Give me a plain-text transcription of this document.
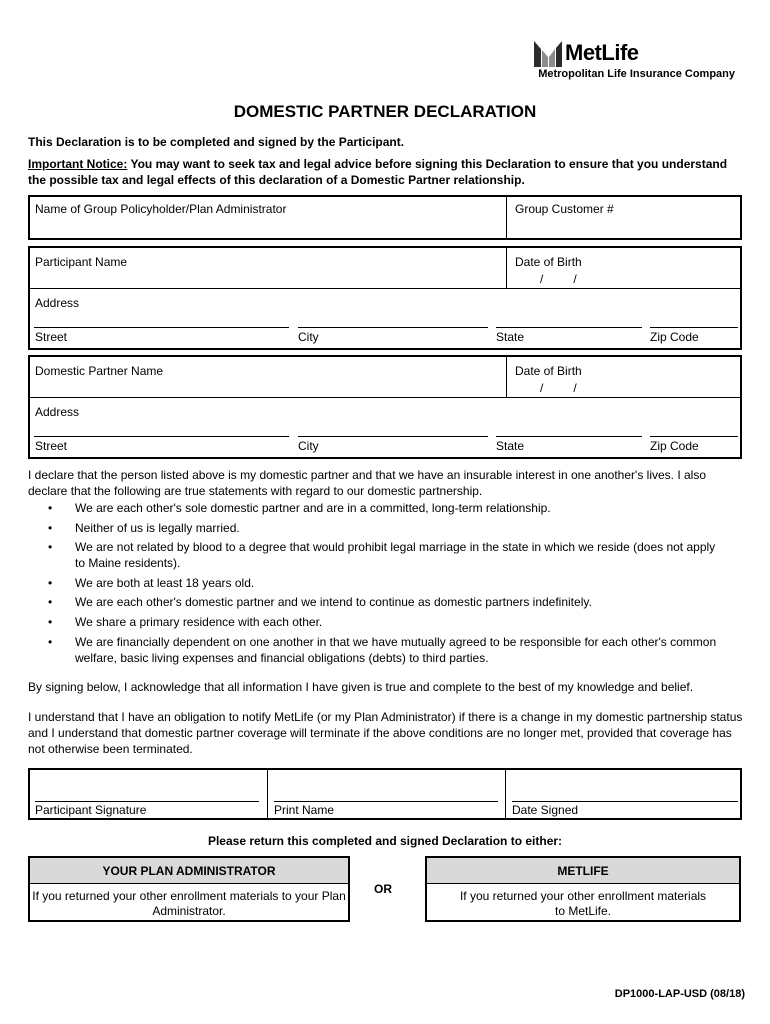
MetLife
Metropolitan Life Insurance Company
DOMESTIC PARTNER DECLARATION
This Declaration is to be completed and signed by the Participant.
Important Notice: You may want to seek tax and legal advice before signing this Declaration to ensure that you understand the possible tax and legal effects of this declaration of a Domestic Partner relationship.
Name of Group Policyholder/Plan Administrator	Group Customer #
Participant Name	Date of Birth
/	/
Address
Street	City	State	Zip Code
Domestic Partner Name	Date of Birth
/	/
Address
Street	City	State	Zip Code
I declare that the person listed above is my domestic partner and that we have an insurable interest in one another's lives. I also declare that the following are true statements with regard to our domestic partnership.
• We are each other's sole domestic partner and are in a committed, long-term relationship.
• Neither of us is legally married.
• We are not related by blood to a degree that would prohibit legal marriage in the state in which we reside (does not apply to Maine residents).
• We are both at least 18 years old.
• We are each other's domestic partner and we intend to continue as domestic partners indefinitely.
• We share a primary residence with each other.
• We are financially dependent on one another in that we have mutually agreed to be responsible for each other's common welfare, basic living expenses and financial obligations (debts) to third parties.
By signing below, I acknowledge that all information I have given is true and complete to the best of my knowledge and belief.
I understand that I have an obligation to notify MetLife (or my Plan Administrator) if there is a change in my domestic partnership status and I understand that domestic partner coverage will terminate if the above conditions are no longer met, provided that coverage has not otherwise been terminated.
Participant Signature	Print Name	Date Signed
Please return this completed and signed Declaration to either:
YOUR PLAN ADMINISTRATOR
If you returned your other enrollment materials to your Plan Administrator.
OR
METLIFE
If you returned your other enrollment materials to MetLife.
DP1000-LAP-USD (08/18)
